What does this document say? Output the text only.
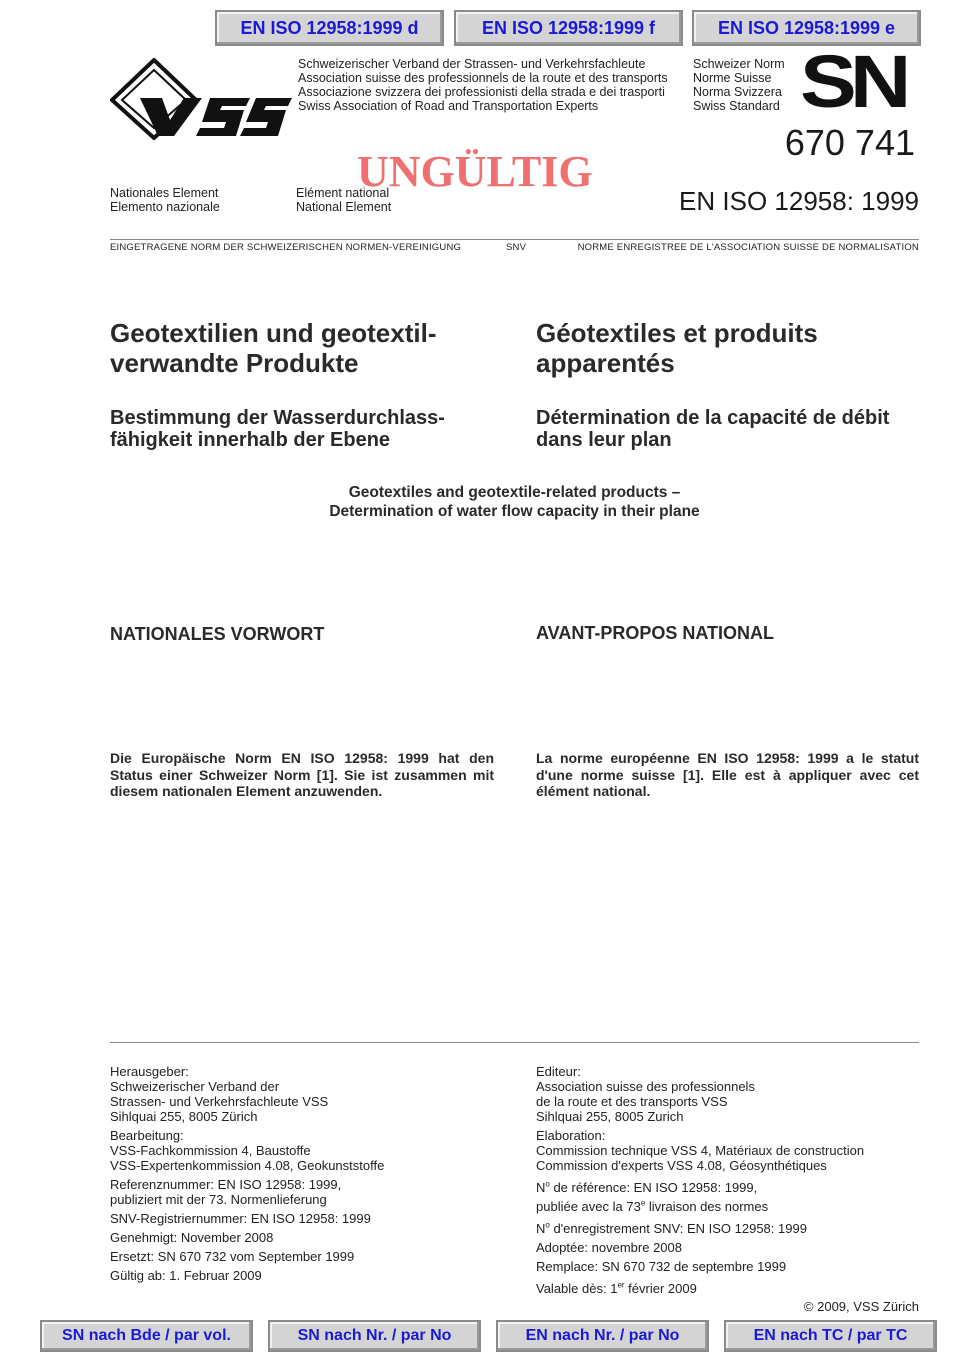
EN ISO 12958:1999 d	EN ISO 12958:1999 f	EN ISO 12958:1999 e
Schweizerischer Verband der Strassen- und Verkehrsfachleute
Association suisse des professionnels de la route et des transports
Associazione svizzera dei professionisti della strada e dei trasporti
Swiss Association of Road and Transportation Experts
Schweizer Norm
Norme Suisse
Norma Svizzera
Swiss Standard SN
670 741
UNGÜLTIG
Nationales Element
Elemento nazionale
Elément national
National Element	EN ISO 12958: 1999
EINGETRAGENE NORM DER SCHWEIZERISCHEN NORMEN-VEREINIGUNG	SNV	NORME ENREGISTREE DE L'ASSOCIATION SUISSE DE NORMALISATION
Geotextilien und geotextil-
verwandte Produkte
Géotextiles et produits
apparentés
Bestimmung der Wasserdurchlass-
fähigkeit innerhalb der Ebene
Détermination de la capacité de débit
dans leur plan
Geotextiles and geotextile-related products –
Determination of water flow capacity in their plane
NATIONALES VORWORT	AVANT-PROPOS NATIONAL
Die Europäische Norm EN ISO 12958: 1999 hat den Status einer Schweizer Norm [1]. Sie ist zusammen mit diesem nationalen Element anzuwenden.
La norme européenne EN ISO 12958: 1999 a le statut d'une norme suisse [1]. Elle est à appliquer avec cet élément national.

Herausgeber:
Schweizerischer Verband der
Strassen- und Verkehrsfachleute VSS
Sihlquai 255, 8005 Zürich

Bearbeitung:
VSS-Fachkommission 4, Baustoffe
VSS-Expertenkommission 4.08, Geokunststoffe

Referenznummer: EN ISO 12958: 1999,
publiziert mit der 73. Normenlieferung

SNV-Registriernummer: EN ISO 12958: 1999

Genehmigt: November 2008

Ersetzt: SN 670 732 vom September 1999

Gültig ab: 1. Februar 2009

Editeur:
Association suisse des professionnels
de la route et des transports VSS
Sihlquai 255, 8005 Zurich

Elaboration:
Commission technique VSS 4, Matériaux de construction
Commission d'experts VSS 4.08, Géosynthétiques

$N^o$ de référence: EN ISO 12958: 1999,
publiée avec la 73e livraison des normes

$N^o$ d'enregistrement SNV: EN ISO 12958: 1999

Adoptée: novembre 2008

Remplace: SN 670 732 de septembre 1999

Valable dès: 1er février 2009

© 2009, VSS Zürich
SN nach Bde / par vol.	SN nach Nr. / par No	EN nach Nr. / par No	EN nach TC / par TC
